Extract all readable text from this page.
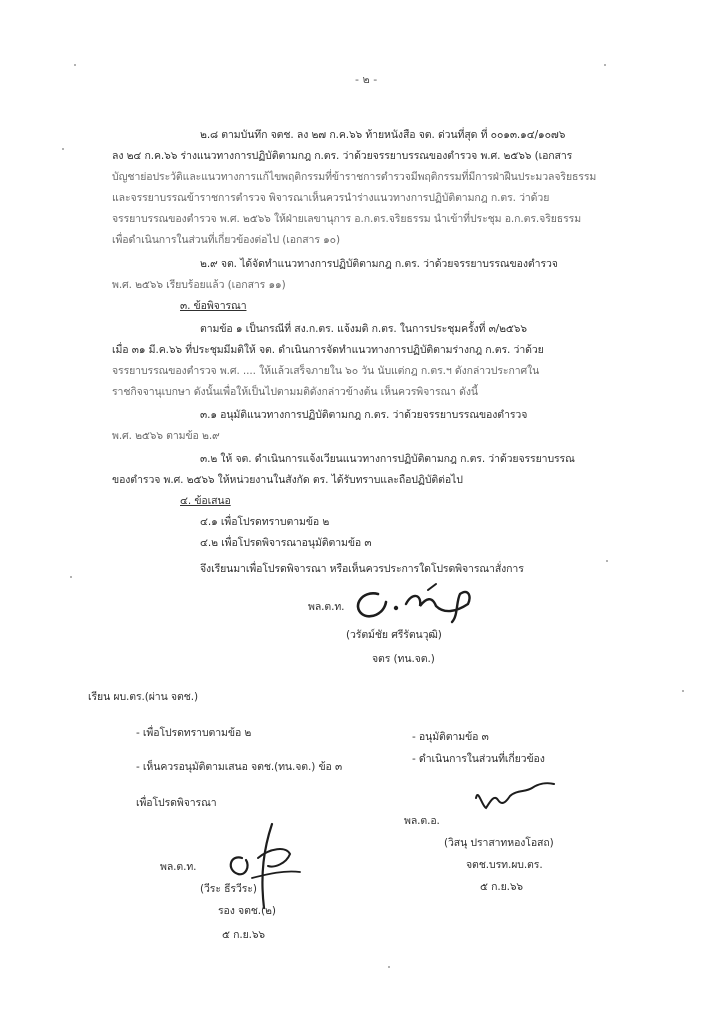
- ๒ -
๒.๘ ตามบันทึก จตช. ลง ๒๗ ก.ค.๖๖ ท้ายหนังสือ จต. ด่วนที่สุด ที่ ๐๐๑๓.๑๔/๑๐๗๖
ลง ๒๔ ก.ค.๖๖ ร่างแนวทางการปฏิบัติตามกฎ ก.ตร. ว่าด้วยจรรยาบรรณของตำรวจ พ.ศ. ๒๕๖๖ (เอกสาร
บัญชาย่อประวัติและแนวทางการแก้ไขพฤติกรรมที่ข้าราชการตำรวจมีพฤติกรรมที่มีการฝ่าฝืนประมวลจริยธรรม
และจรรยาบรรณข้าราชการตำรวจ พิจารณาเห็นควรนำร่างแนวทางการปฏิบัติตามกฎ ก.ตร. ว่าด้วย
จรรยาบรรณของตำรวจ พ.ศ. ๒๕๖๖ ให้ฝ่ายเลขานุการ อ.ก.ตร.จริยธรรม นำเข้าที่ประชุม อ.ก.ตร.จริยธรรม
เพื่อดำเนินการในส่วนที่เกี่ยวข้องต่อไป (เอกสาร ๑๐)
๒.๙ จต. ได้จัดทำแนวทางการปฏิบัติตามกฎ ก.ตร. ว่าด้วยจรรยาบรรณของตำรวจ
พ.ศ. ๒๕๖๖ เรียบร้อยแล้ว (เอกสาร ๑๑)
๓. ข้อพิจารณา
ตามข้อ ๑ เป็นกรณีที่ สง.ก.ตร. แจ้งมติ ก.ตร. ในการประชุมครั้งที่ ๓/๒๕๖๖
เมื่อ ๓๑ มี.ค.๖๖ ที่ประชุมมีมติให้ จต. ดำเนินการจัดทำแนวทางการปฏิบัติตามร่างกฎ ก.ตร. ว่าด้วย
จรรยาบรรณของตำรวจ พ.ศ. .... ให้แล้วเสร็จภายใน ๖๐ วัน นับแต่กฎ ก.ตร.ฯ ดังกล่าวประกาศใน
ราชกิจจานุเบกษา ดังนั้นเพื่อให้เป็นไปตามมติดังกล่าวข้างต้น เห็นควรพิจารณา ดังนี้
๓.๑ อนุมัติแนวทางการปฏิบัติตามกฎ ก.ตร. ว่าด้วยจรรยาบรรณของตำรวจ
พ.ศ. ๒๕๖๖ ตามข้อ ๒.๙
๓.๒ ให้ จต. ดำเนินการแจ้งเวียนแนวทางการปฏิบัติตามกฎ ก.ตร. ว่าด้วยจรรยาบรรณ
ของตำรวจ พ.ศ. ๒๕๖๖ ให้หน่วยงานในสังกัด ตร. ได้รับทราบและถือปฏิบัติต่อไป
๔. ข้อเสนอ
๔.๑ เพื่อโปรดทราบตามข้อ ๒
๔.๒ เพื่อโปรดพิจารณาอนุมัติตามข้อ ๓
จึงเรียนมาเพื่อโปรดพิจารณา หรือเห็นควรประการใดโปรดพิจารณาสั่งการ
พล.ต.ท.
(วรัตม์ชัย ศรีรัตนวุฒิ)
จตร (ทน.จต.)
เรียน ผบ.ตร.(ผ่าน จตช.)
- เพื่อโปรดทราบตามข้อ ๒
- เห็นควรอนุมัติตามเสนอ จตช.(ทน.จต.) ข้อ ๓
เพื่อโปรดพิจารณา
- อนุมัติตามข้อ ๓
- ดำเนินการในส่วนที่เกี่ยวข้อง
พล.ต.อ.
(วิสนุ ปราสาทหองโอสถ)
จตช.บรท.ผบ.ตร.
๕ ก.ย.๖๖
พล.ต.ท.
(วีระ ธีรวีระ)
รอง จตช.(๒)
๕ ก.ย.๖๖
